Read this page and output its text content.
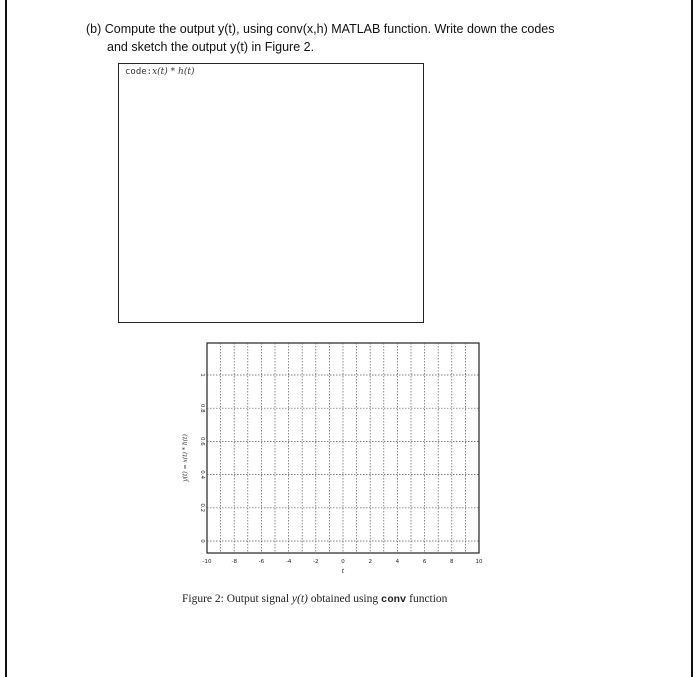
(b) Compute the output y(t), using conv(x,h) MATLAB function. Write down the codes
and sketch the output y(t) in Figure 2.
code:x(t) * h(t)
-10	-8	-6	-4	-2	0	2	4	6	8	10
0
0.2
0.4
0.6
0.8
1
t
y(t) = x(t) * h(t)
Figure 2: Output signal y(t) obtained using conv function
